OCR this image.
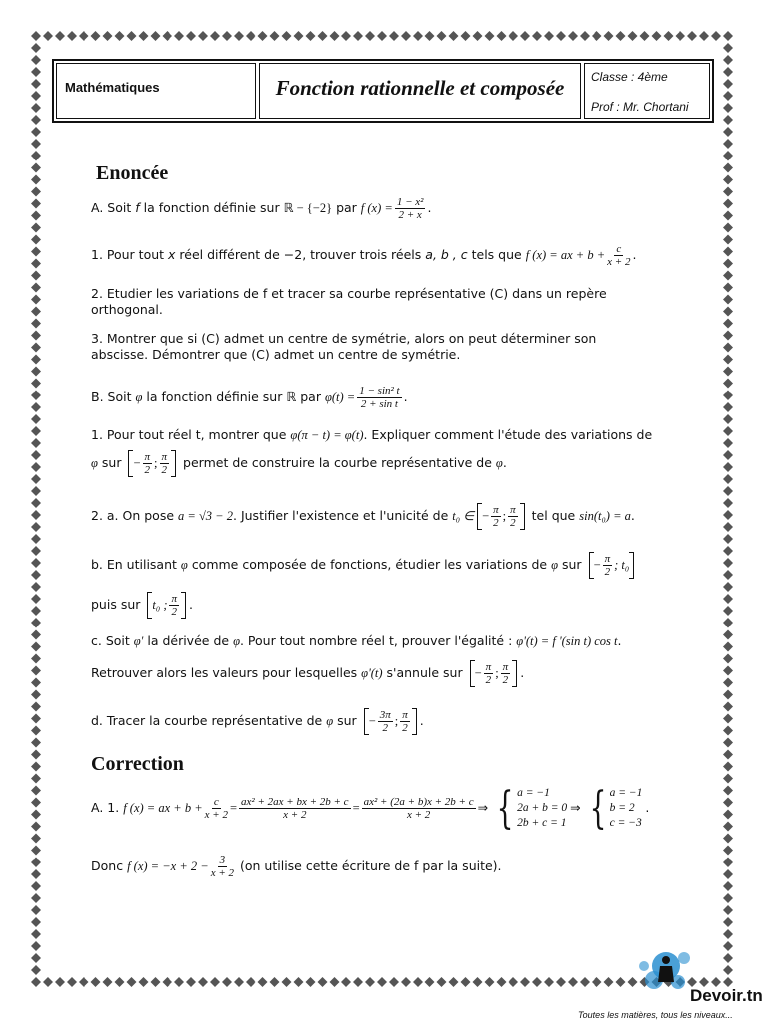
Mathématiques	Fonction rationnelle et composée	Classe : 4ème
Prof : Mr. Chortani
Enoncée
A. Soit f la fonction définie sur ℝ − {−2} par f $(x) = \frac{\text{1 − x²}}{2 + x}$ .
1. Pour tout x réel différent de −2, trouver trois réels a, b , c tels que f (x) = ax + $b + \frac{c}{x + 2}$ .
2. Etudier les variations de f et tracer sa courbe représentative (C) dans un repère
orthogonal.
3. Montrer que si (C) admet un centre de symétrie, alors on peut déterminer son
abscisse. Démontrer que (C) admet un centre de symétrie.
B. Soit φ la fonction définie sur ℝ par $\varphi(t) = \frac{\text{1 − sin² t}}{\text{2 + sin t}}$ .
1. Pour tout réel t, montrer que φ(π − t) = φ(t). Expliquer comment l'étude des variations de
φ sur − $\frac{\pi}{2}$ ; $\frac{\pi}{2}$ permet de construire la courbe représentative de φ.
2. a. On pose a = √3 − 2. Justifier l'existence et l'unicité de t₀ ∈ − $\frac{\pi}{2}$ ; $\frac{\pi}{2}$ tel que sin(t₀) = a.
b. En utilisant φ comme composée de fonctions, étudier les variations de φ sur − $\frac{\pi}{2}$ ; t₀
puis sur t₀ ; $\frac{\pi}{2}$ .
c. Soit φ' la dérivée de φ. Pour tout nombre réel t, prouver l'égalité : φ'(t) = f '(sin t) cos t.
Retrouver alors les valeurs pour lesquelles φ'(t) s'annule sur − $\frac{\pi}{2}$ ; $\frac{\pi}{2}$ .
d. Tracer la courbe représentative de φ sur − $\frac{3\pi}{2}$ ; $\frac{\pi}{2}$ .
Correction
A. 1. f (x) = ax + $b + \frac{c}{x + 2} = \frac{\text{ax² + 2ax + bx + 2b + c}}{x + 2} = \frac{\text{ax² + (2a + b)x + 2b + c}}{x + 2}$ ⇒ { a = −1
2a + b = 0
2b + c = 1
⇒ { a = −1
b = 2
c = −3
.
Donc f $(x) = -x + 2 - \frac{3}{x + 2} (on$ utilise cette écriture de f par la suite).
Devoir.tn
Toutes les matières, tous les niveaux...
